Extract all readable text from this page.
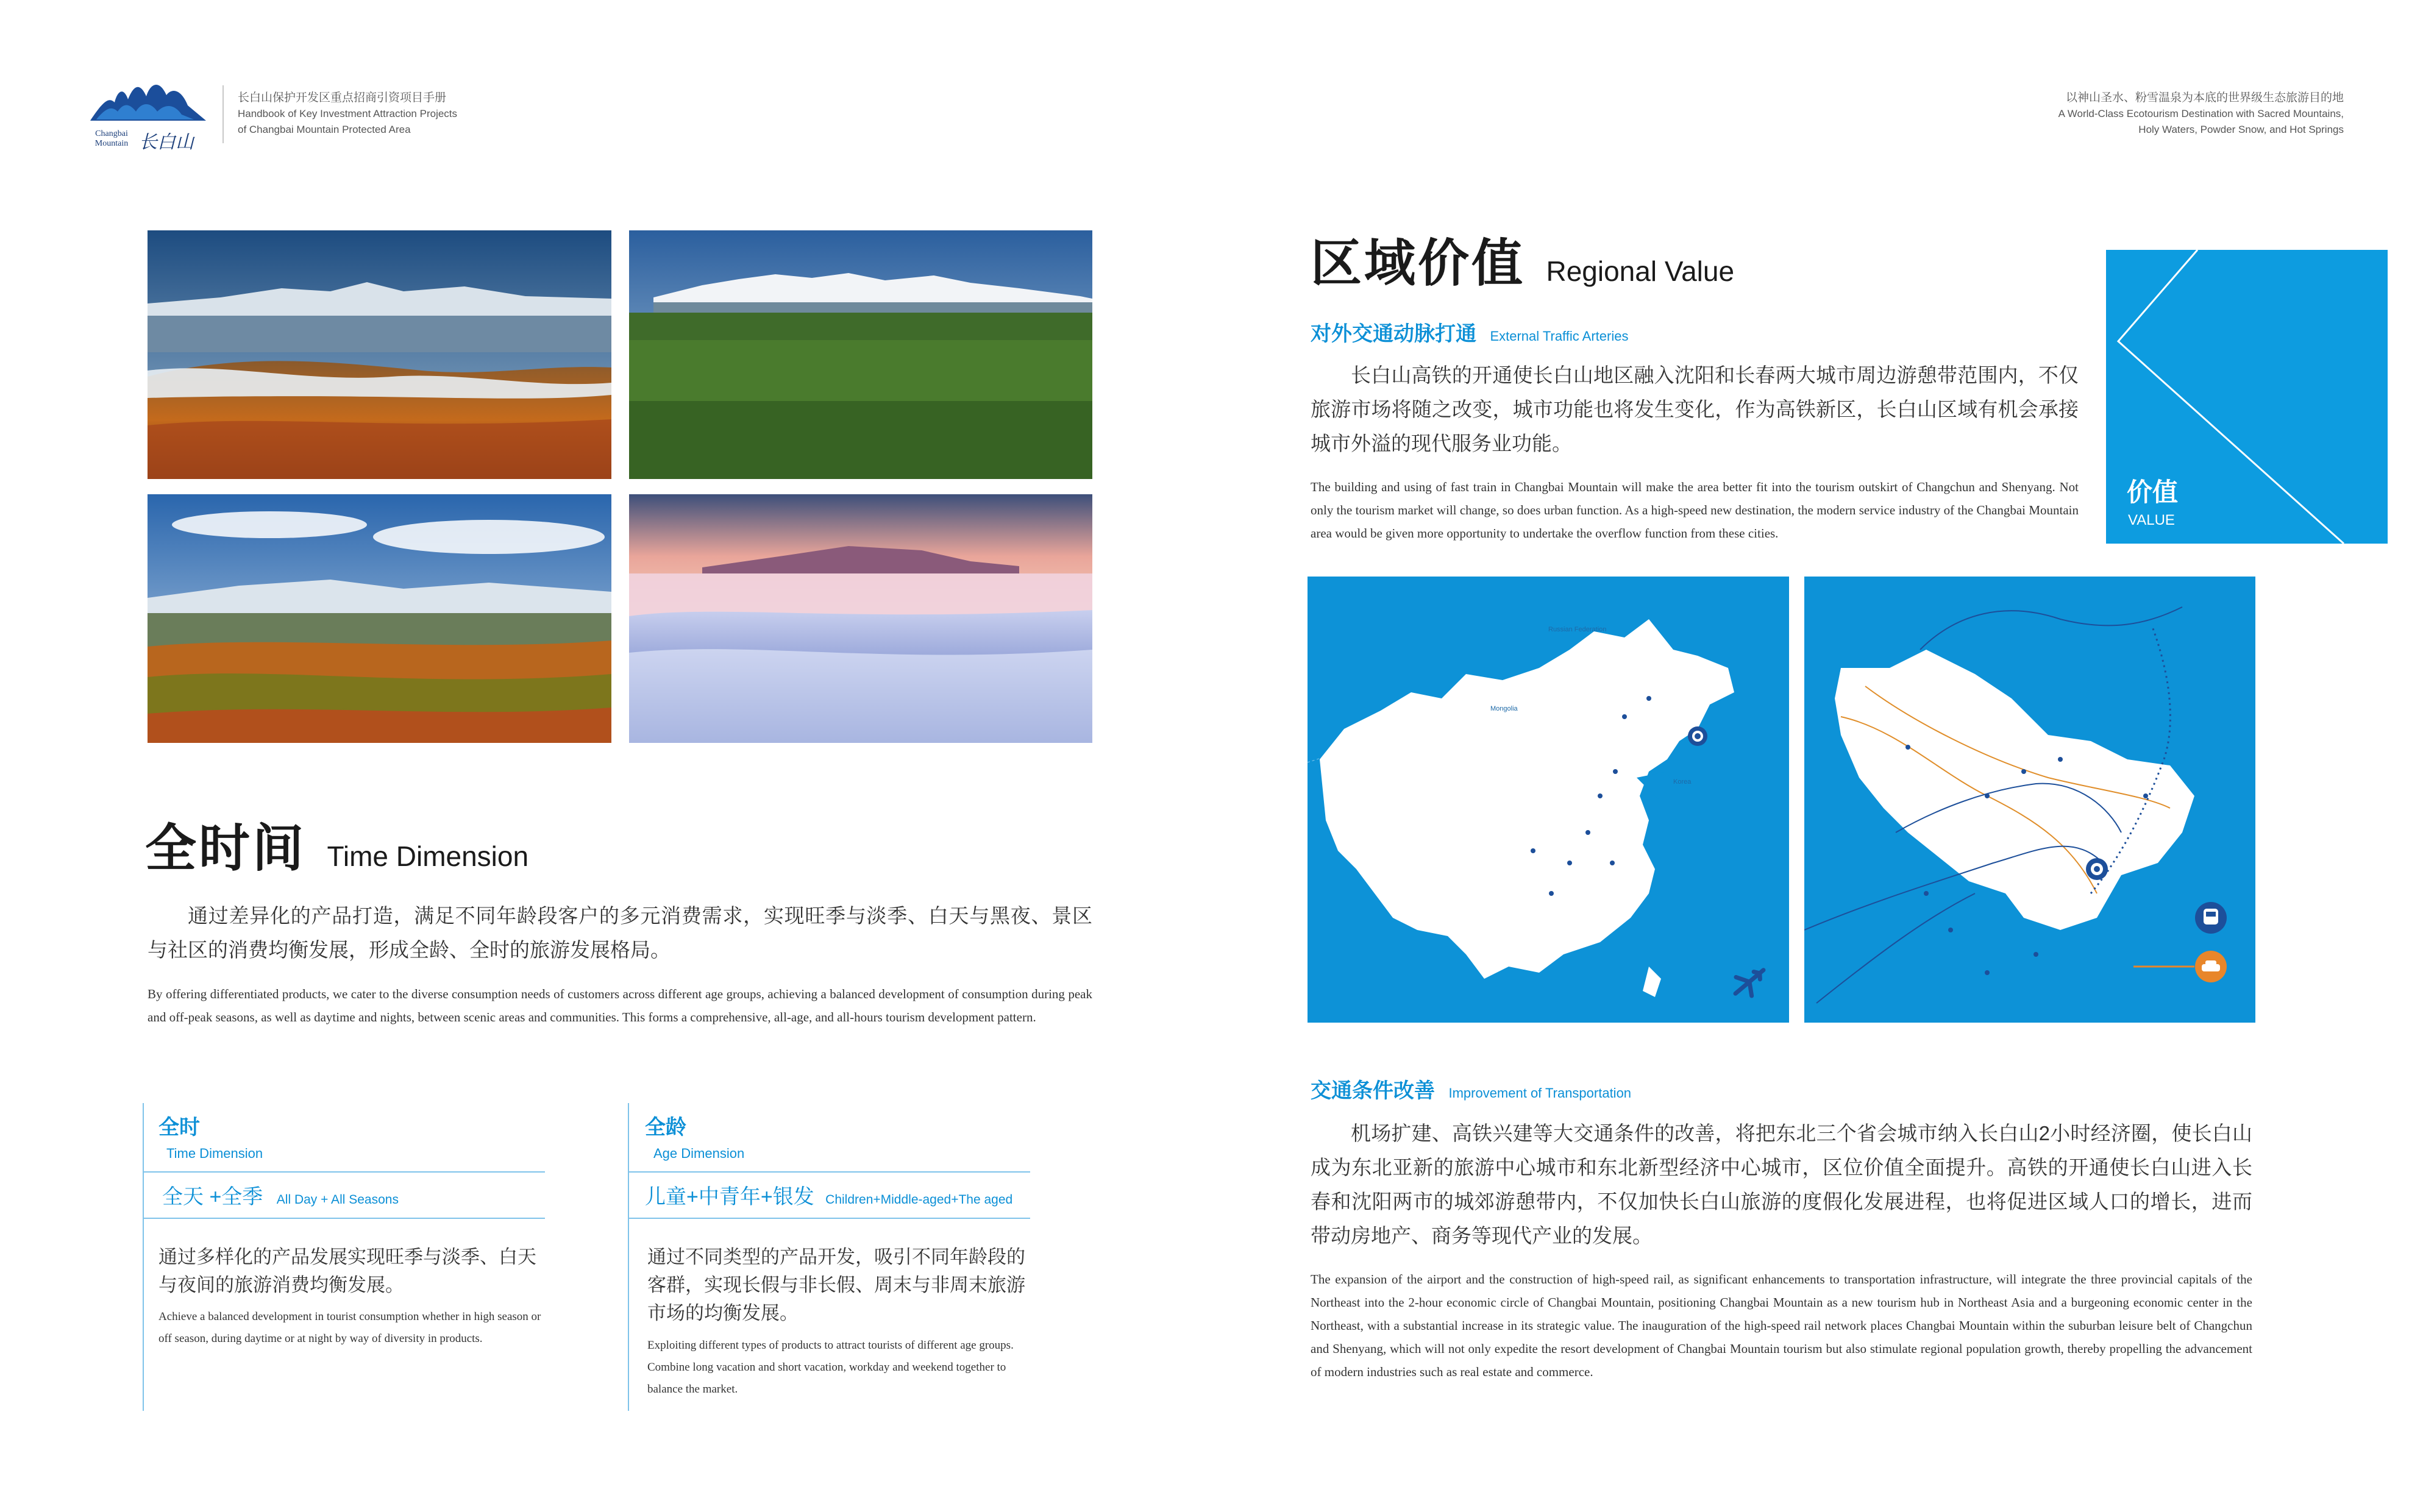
Changbai Mountain 长白山
长白山保护开发区重点招商引资项目手册
Handbook of Key Investment Attraction Projects
of Changbai Mountain Protected Area
以神山圣水、粉雪温泉为本底的世界级生态旅游目的地
A World-Class Ecotourism Destination with Sacred Mountains,
Holy Waters, Powder Snow, and Hot Springs
全时间 Time Dimension
通过差异化的产品打造，满足不同年龄段客户的多元消费需求，实现旺季与淡季、白天与黑夜、景区与社区的消费均衡发展，形成全龄、全时的旅游发展格局。
By offering differentiated products, we cater to the diverse consumption needs of customers across different age groups, achieving a balanced development of consumption during peak and off-peak seasons, as well as daytime and nights, between scenic areas and communities. This forms a comprehensive, all-age, and all-hours tourism development pattern.
全时
Time Dimension
全天 +全季 All Day + All Seasons
通过多样化的产品发展实现旺季与淡季、白天与夜间的旅游消费均衡发展。
Achieve a balanced development in tourist consumption whether in high season or off season, during daytime or at night by way of diversity in products.
全龄
Age Dimension
儿童+中青年+银发 Children+Middle-aged+The aged
通过不同类型的产品开发，吸引不同年龄段的客群，实现长假与非长假、周末与非周末旅游市场的均衡发展。
Exploiting different types of products to attract tourists of different age groups. Combine long vacation and short vacation, workday and weekend together to balance the market.
区域价值 Regional Value
价值
VALUE
对外交通动脉打通 External Traffic Arteries
长白山高铁的开通使长白山地区融入沈阳和长春两大城市周边游憩带范围内，不仅旅游市场将随之改变，城市功能也将发生变化，作为高铁新区，长白山区域有机会承接城市外溢的现代服务业功能。
The building and using of fast train in Changbai Mountain will make the area better fit into the tourism outskirt of Changchun and Shenyang. Not only the tourism market will change, so does urban function. As a high-speed new destination, the modern service industry of the Changbai Mountain area would be given more opportunity to undertake the overflow function from these cities.
Russian Federation
Mongolia
Korea
交通条件改善 Improvement of Transportation
机场扩建、高铁兴建等大交通条件的改善，将把东北三个省会城市纳入长白山2小时经济圈，使长白山成为东北亚新的旅游中心城市和东北新型经济中心城市，区位价值全面提升。高铁的开通使长白山进入长春和沈阳两市的城郊游憩带内，不仅加快长白山旅游的度假化发展进程，也将促进区域人口的增长，进而带动房地产、商务等现代产业的发展。
The expansion of the airport and the construction of high-speed rail, as significant enhancements to transportation infrastructure, will integrate the three provincial capitals of the Northeast into the 2-hour economic circle of Changbai Mountain, positioning Changbai Mountain as a new tourism hub in Northeast Asia and a burgeoning economic center in the Northeast, with a substantial increase in its strategic value. The inauguration of the high-speed rail network places Changbai Mountain within the suburban leisure belt of Changchun and Shenyang, which will not only expedite the resort development of Changbai Mountain tourism but also stimulate regional population growth, thereby propelling the advancement of modern industries such as real estate and commerce.
